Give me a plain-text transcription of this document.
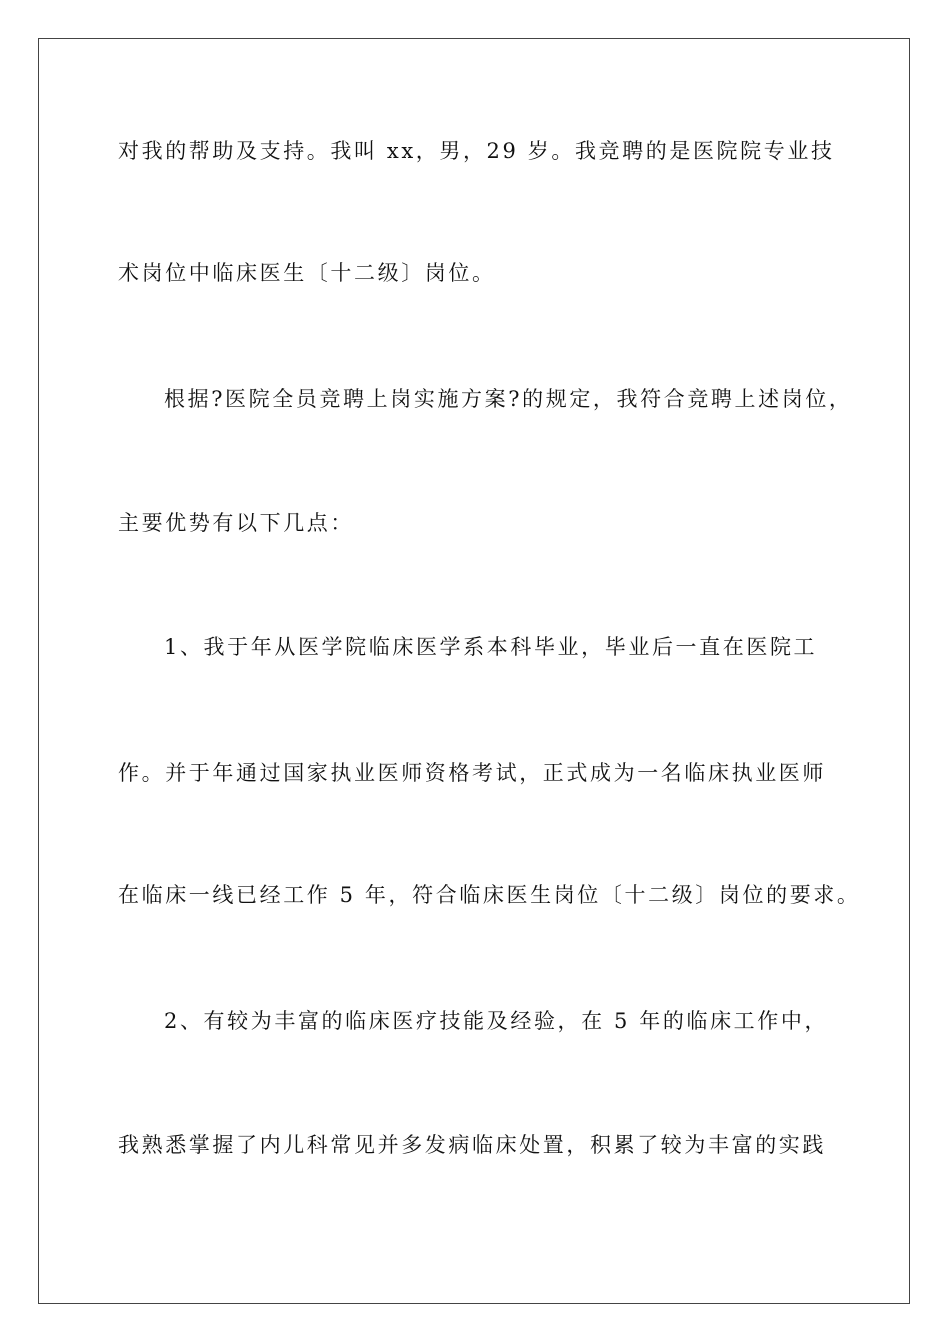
对我的帮助及支持。我叫 xx，男，29 岁。我竞聘的是医院院专业技
术岗位中临床医生〔十二级〕岗位。
根据?医院全员竞聘上岗实施方案?的规定，我符合竞聘上述岗位，
主要优势有以下几点：
1、我于年从医学院临床医学系本科毕业，毕业后一直在医院工
作。并于年通过国家执业医师资格考试，正式成为一名临床执业医师
在临床一线已经工作 5 年，符合临床医生岗位〔十二级〕岗位的要求。
2、有较为丰富的临床医疗技能及经验，在 5 年的临床工作中，
我熟悉掌握了内儿科常见并多发病临床处置，积累了较为丰富的实践
